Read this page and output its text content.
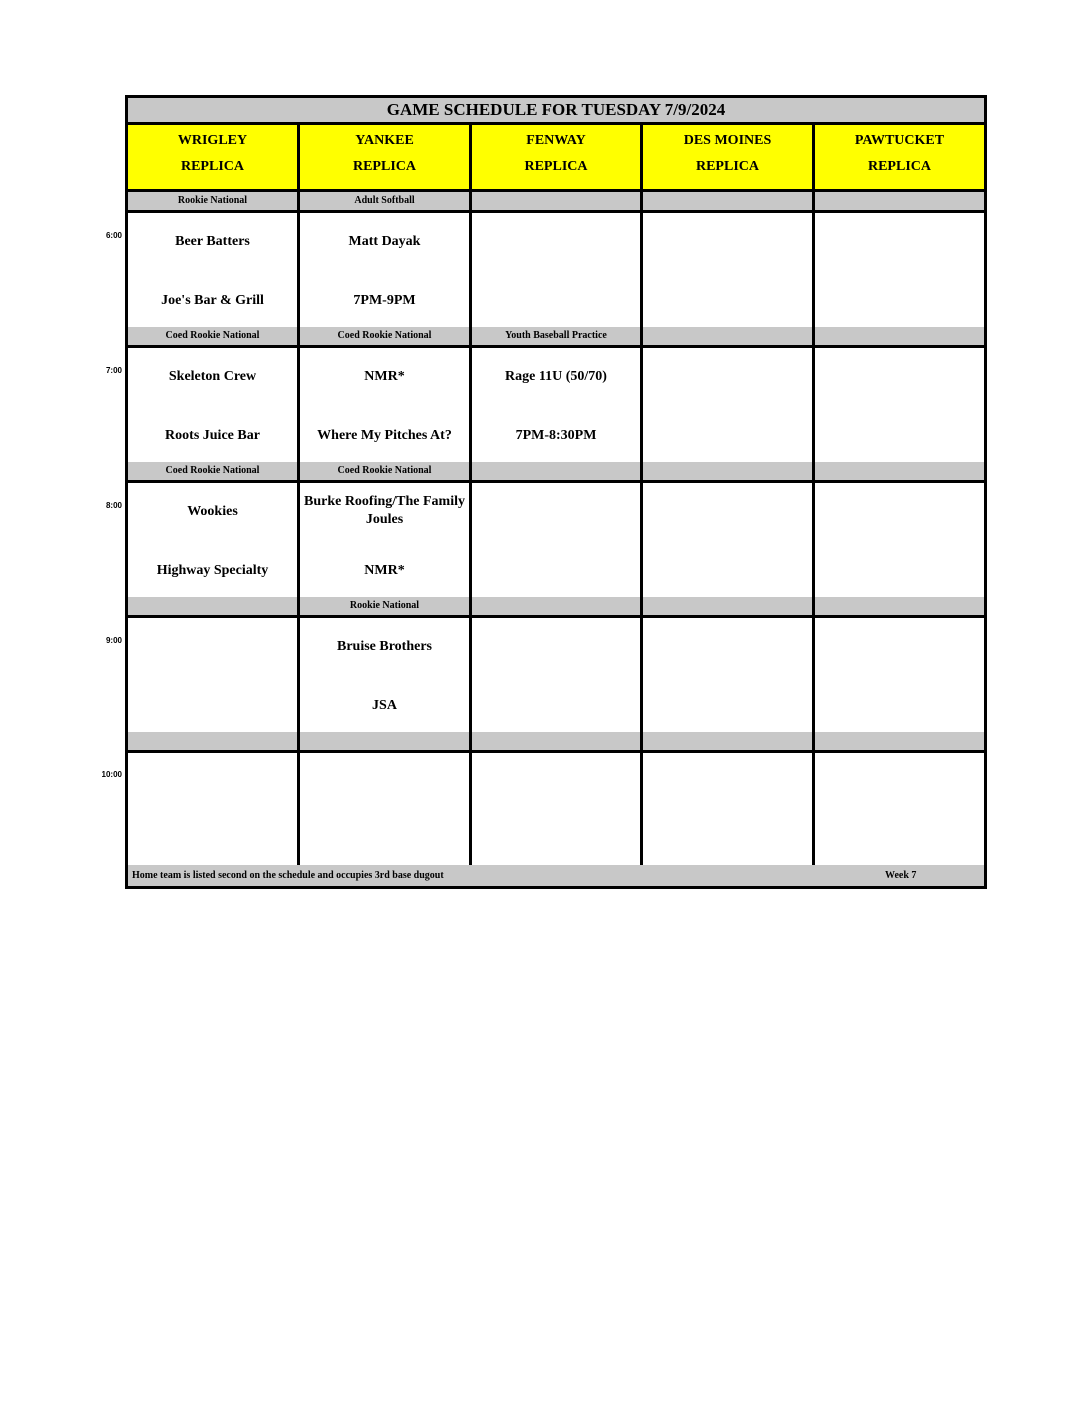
GAME SCHEDULE FOR TUESDAY 7/9/2024
WRIGLEY
REPLICA
YANKEE
REPLICA
FENWAY
REPLICA
DES MOINES
REPLICA
PAWTUCKET
REPLICA
Rookie National
Beer Batters
Joe's Bar & Grill
Adult Softball
Matt Dayak
7PM-9PM
Coed Rookie National
Skeleton Crew
Roots Juice Bar
Coed Rookie National
NMR*
Where My Pitches At?
Youth Baseball Practice
Rage 11U (50/70)
7PM-8:30PM
Coed Rookie National
Wookies
Highway Specialty
Coed Rookie National
Burke Roofing/The Family Joules
NMR*
Rookie National
Bruise Brothers
JSA
Home team is listed second on the schedule and occupies 3rd base dugout	Week 7
6:00
7:00
8:00
9:00
10:00
